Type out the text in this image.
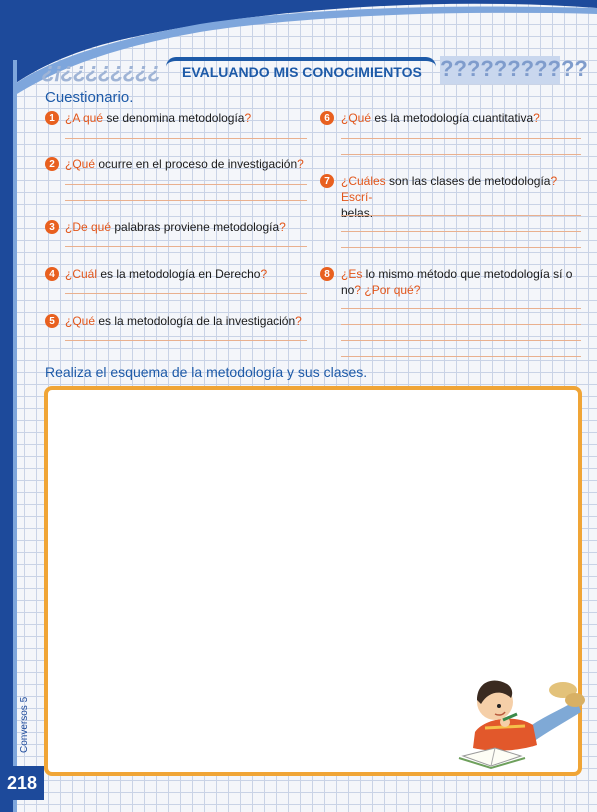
¿¡¿¿¿¿¿¿¿¿ EVALUANDO MIS CONOCIMIENTOS ???????????
Cuestionario.
1 ¿A qué se denomina metodología?
2 ¿Qué ocurre en el proceso de investigación?
3 ¿De qué palabras proviene metodología?
4 ¿Cuál es la metodología en Derecho?
5 ¿Qué es la metodología de la investigación?
6 ¿Qué es la metodología cuantitativa?
7 ¿Cuáles son las clases de metodología? Escrí-
belas.
8 ¿Es lo mismo método que metodología sí o
no? ¿Por qué?
Realiza el esquema de la metodología y sus clases.
Conversos 5
218
